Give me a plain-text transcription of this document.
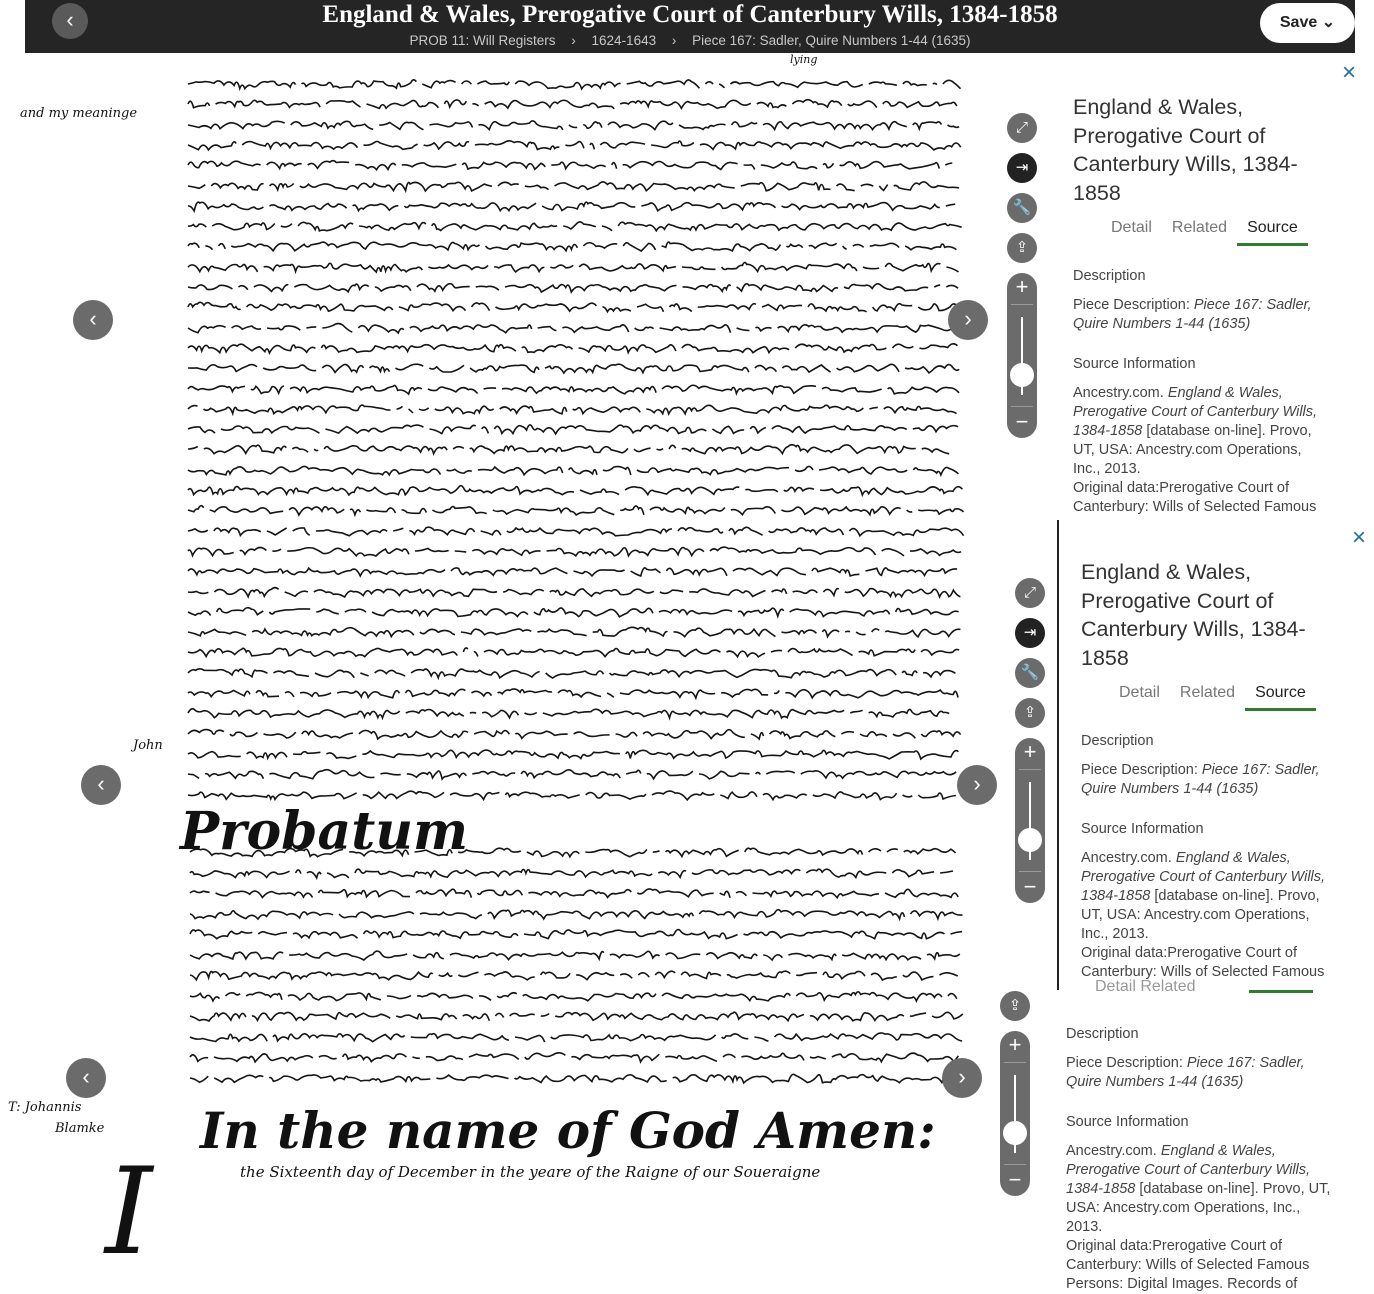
‹	England & Wales, Prerogative Court of Canterbury Wills, 1384-1858
PROB 11: Will Registers › 1624-1643 › Piece 167: Sadler, Quire Numbers 1-44 (1635)
Save ⌄
and my meaninge
lying
John
T: Johannis
Blamke
Probatum
In the name of God Amen:
the Sixteenth day of December in the yeare of the Raigne of our Soueraigne
I
‹	›
‹	›
‹	›
⤢
⇥
🔧
⇪
+
−
⤢
⇥
🔧
⇪
+
−
⇪
+
−
×
England & Wales, Prerogative Court of Canterbury Wills, 1384-1858
Detail	Related	Source
Description
Piece Description: Piece 167: Sadler, Quire Numbers 1-44 (1635)
Source Information
Ancestry.com. England & Wales, Prerogative Court of Canterbury Wills, 1384-1858 [database on-line]. Provo, UT, USA: Ancestry.com Operations, Inc., 2013.
Original data:Prerogative Court of Canterbury: Wills of Selected Famous
×
England & Wales, Prerogative Court of Canterbury Wills, 1384-1858
Detail	Related	Source
Description
Piece Description: Piece 167: Sadler, Quire Numbers 1-44 (1635)
Source Information
Ancestry.com. England & Wales, Prerogative Court of Canterbury Wills, 1384-1858 [database on-line]. Provo, UT, USA: Ancestry.com Operations, Inc., 2013.
Original data:Prerogative Court of Canterbury: Wills of Selected Famous
Detail Related
Description
Piece Description: Piece 167: Sadler, Quire Numbers 1-44 (1635)
Source Information
Ancestry.com. England & Wales, Prerogative Court of Canterbury Wills, 1384-1858 [database on-line]. Provo, UT, USA: Ancestry.com Operations, Inc., 2013.
Original data:Prerogative Court of Canterbury: Wills of Selected Famous
Persons: Digital Images. Records of
